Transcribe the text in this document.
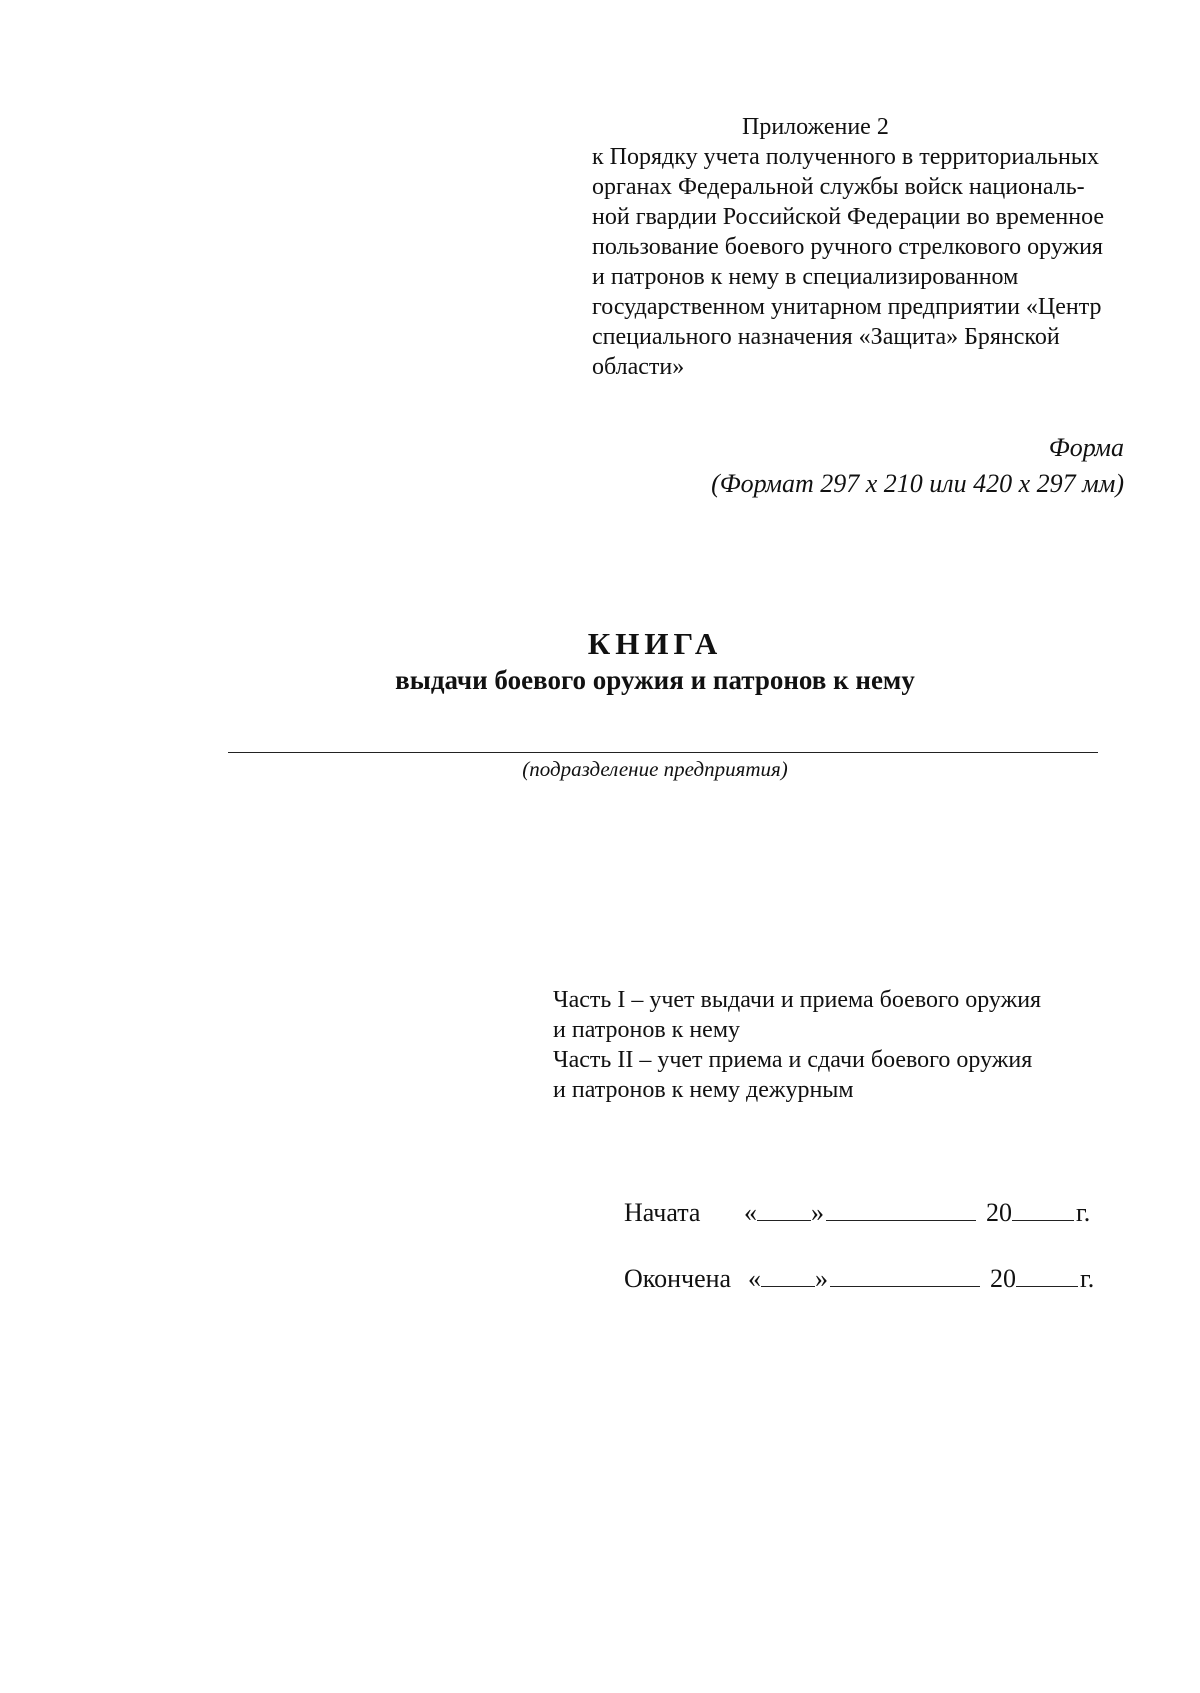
Приложение 2
к Порядку учета полученного в территориальных
органах Федеральной службы войск националь-
ной гвардии Российской Федерации во временное
пользование боевого ручного стрелкового оружия
и патронов к нему в специализированном
государственном унитарном предприятии «Центр
специального назначения «Защита» Брянской
области»
Форма
(Формат 297 х 210 или 420 х 297 мм)
КНИГА
выдачи боевого оружия и патронов к нему
(подразделение предприятия)
Часть I – учет выдачи и приема боевого оружия
и патронов к нему
Часть II – учет приема и сдачи боевого оружия
и патронов к нему дежурным
Начата	« »	20 г.
Окончена « »	20 г.
